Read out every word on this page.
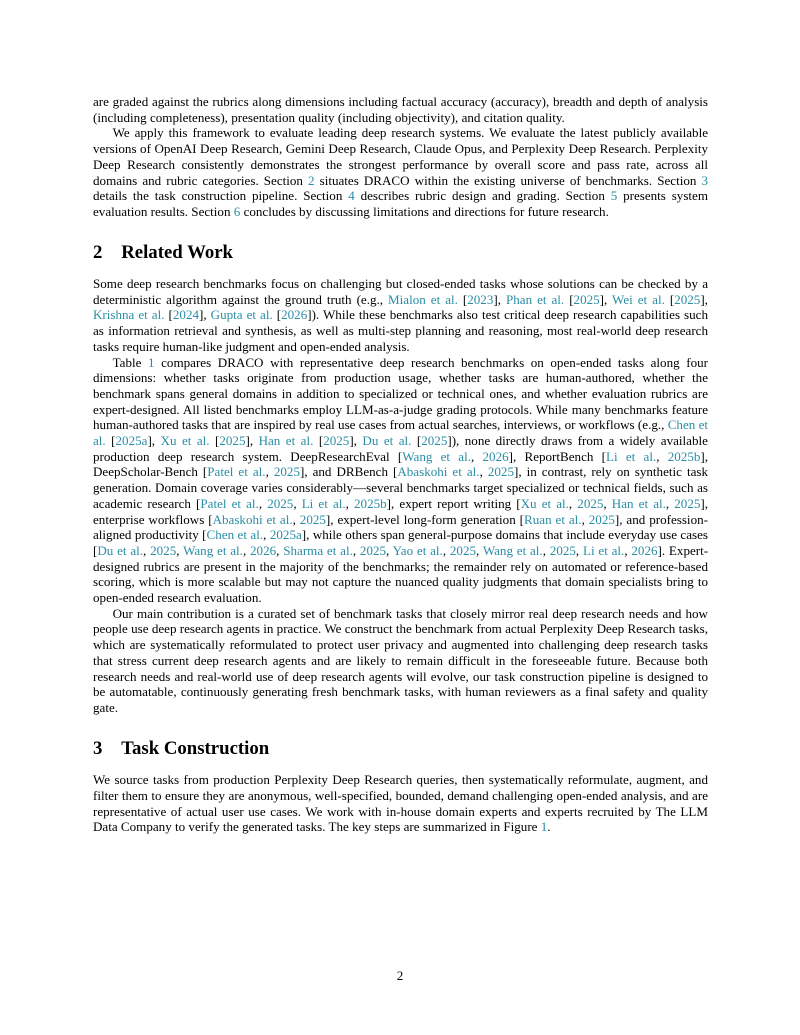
are graded against the rubrics along dimensions including factual accuracy (accuracy), breadth and depth of analysis (including completeness), presentation quality (including objectivity), and citation quality.

We apply this framework to evaluate leading deep research systems. We evaluate the latest publicly available versions of OpenAI Deep Research, Gemini Deep Research, Claude Opus, and Perplexity Deep Research. Perplexity Deep Research consistently demonstrates the strongest performance by overall score and pass rate, across all domains and rubric categories. Section 2 situates DRACO within the existing universe of benchmarks. Section 3 details the task construction pipeline. Section 4 describes rubric design and grading. Section 5 presents system evaluation results. Section 6 concludes by discussing limitations and directions for future research.

2 Related Work

Some deep research benchmarks focus on challenging but closed-ended tasks whose solutions can be checked by a deterministic algorithm against the ground truth (e.g., Mialon et al. [2023], Phan et al. [2025], Wei et al. [2025], Krishna et al. [2024], Gupta et al. [2026]). While these benchmarks also test critical deep research capabilities such as information retrieval and synthesis, as well as multi-step planning and reasoning, most real-world deep research tasks require human-like judgment and open-ended analysis.

Table 1 compares DRACO with representative deep research benchmarks on open-ended tasks along four dimensions: whether tasks originate from production usage, whether tasks are human-authored, whether the benchmark spans general domains in addition to specialized or technical ones, and whether evaluation rubrics are expert-designed. All listed benchmarks employ LLM-as-a-judge grading protocols. While many benchmarks feature human-authored tasks that are inspired by real use cases from actual searches, interviews, or workflows (e.g., Chen et al. [2025a], Xu et al. [2025], Han et al. [2025], Du et al. [2025]), none directly draws from a widely available production deep research system. DeepResearchEval [Wang et al., 2026], ReportBench [Li et al., 2025b], DeepScholar-Bench [Patel et al., 2025], and DRBench [Abaskohi et al., 2025], in contrast, rely on synthetic task generation. Domain coverage varies considerably—several benchmarks target specialized or technical fields, such as academic research [Patel et al., 2025, Li et al., 2025b], expert report writing [Xu et al., 2025, Han et al., 2025], enterprise workflows [Abaskohi et al., 2025], expert-level long-form generation [Ruan et al., 2025], and profession-aligned productivity [Chen et al., 2025a], while others span general-purpose domains that include everyday use cases [Du et al., 2025, Wang et al., 2026, Sharma et al., 2025, Yao et al., 2025, Wang et al., 2025, Li et al., 2026]. Expert-designed rubrics are present in the majority of the benchmarks; the remainder rely on automated or reference-based scoring, which is more scalable but may not capture the nuanced quality judgments that domain specialists bring to open-ended research evaluation.

Our main contribution is a curated set of benchmark tasks that closely mirror real deep research needs and how people use deep research agents in practice. We construct the benchmark from actual Perplexity Deep Research tasks, which are systematically reformulated to protect user privacy and augmented into challenging deep research tasks that stress current deep research agents and are likely to remain difficult in the foreseeable future. Because both research needs and real-world use of deep research agents will evolve, our task construction pipeline is designed to be automatable, continuously generating fresh benchmark tasks, with human reviewers as a final safety and quality gate.

3 Task Construction

We source tasks from production Perplexity Deep Research queries, then systematically reformulate, augment, and filter them to ensure they are anonymous, well-specified, bounded, demand challenging open-ended analysis, and are representative of actual user use cases. We work with in-house domain experts and experts recruited by The LLM Data Company to verify the generated tasks. The key steps are summarized in Figure 1.

2
